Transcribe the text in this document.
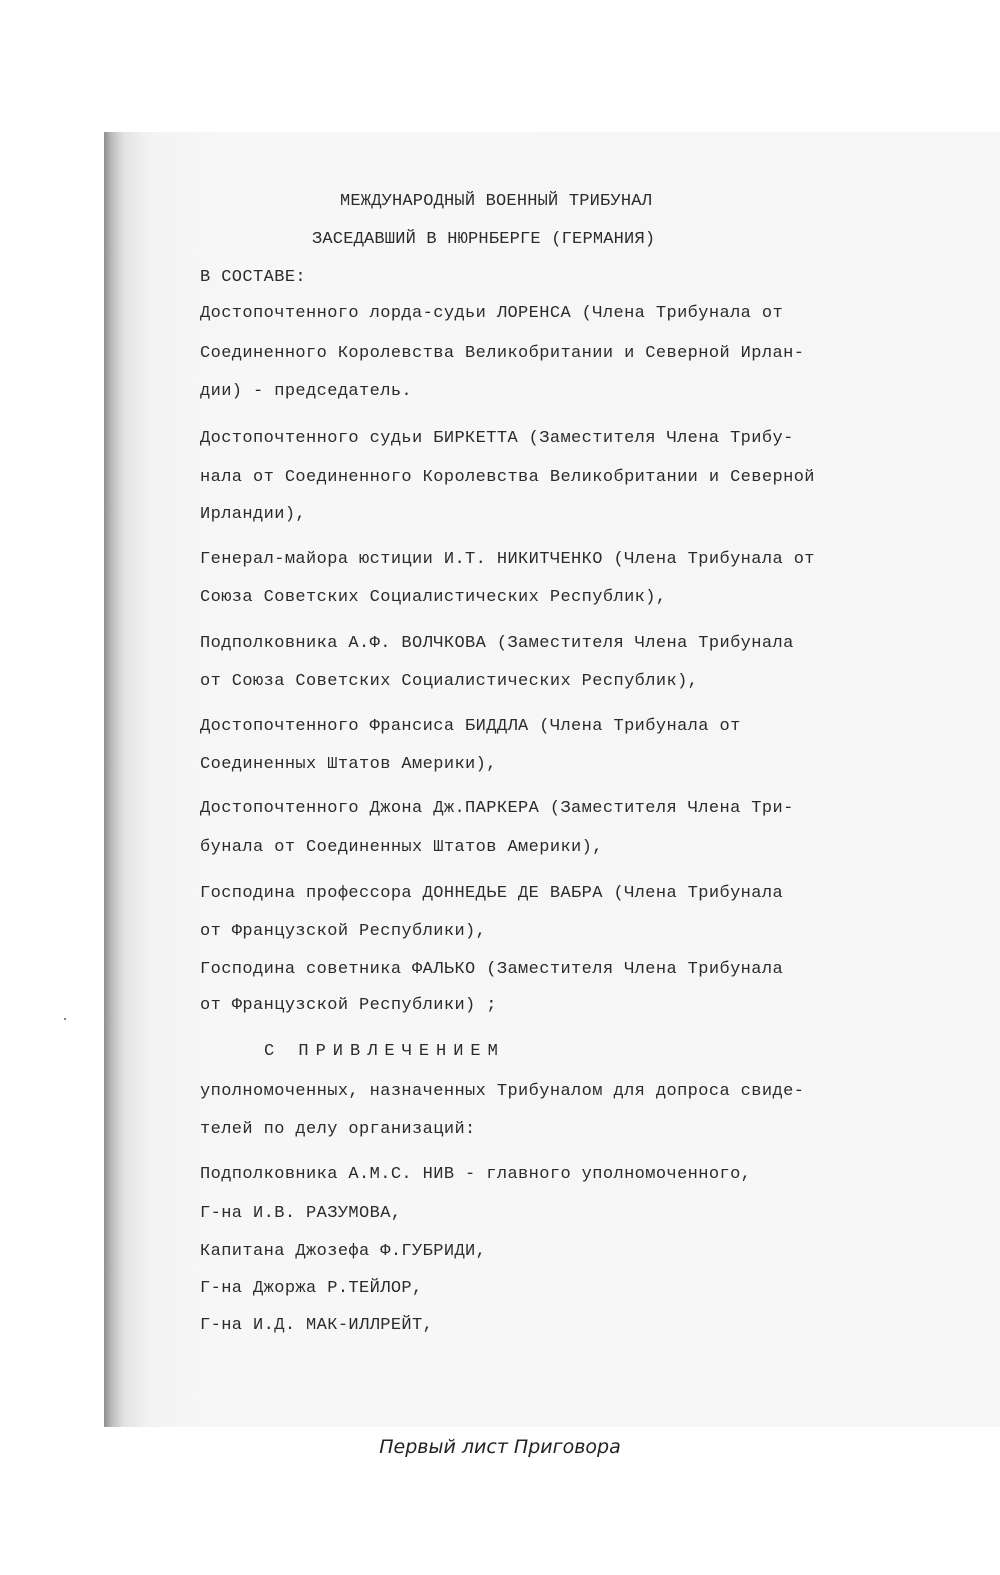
МЕЖДУНАРОДНЫЙ ВОЕННЫЙ ТРИБУНАЛ
ЗАСЕДАВШИЙ В НЮРНБЕРГЕ (ГЕРМАНИЯ)
В СОСТАВЕ:
Достопочтенного лорда-судьи ЛОРЕНСА (Члена Трибунала от
Соединенного Королевства Великобритании и Северной Ирлан-
дии) - председатель.
Достопочтенного судьи БИРКЕТТА (Заместителя Члена Трибу-
нала от Соединенного Королевства Великобритании и Северной
Ирландии),
Генерал-майора юстиции И.Т. НИКИТЧЕНКО (Члена Трибунала от
Союза Советских Социалистических Республик),
Подполковника А.Ф. ВОЛЧКОВА (Заместителя Члена Трибунала
от Союза Советских Социалистических Республик),
Достопочтенного Франсиса БИДДЛА (Члена Трибунала от
Соединенных Штатов Америки),
Достопочтенного Джона Дж.ПАРКЕРА (Заместителя Члена Три-
бунала от Соединенных Штатов Америки),
Господина профессора ДОННЕДЬЕ ДЕ ВАБРА (Члена Трибунала
от Французской Республики),
Господина советника ФАЛЬКО (Заместителя Члена Трибунала
от Французской Республики) ;
С ПРИВЛЕЧЕНИЕМ
уполномоченных, назначенных Трибуналом для допроса свиде-
телей по делу организаций:
Подполковника А.М.С. НИВ - главного уполномоченного,
Г-на И.В. РАЗУМОВА,
Капитана Джозефа Ф.ГУБРИДИ,
Г-на Джоржа Р.ТЕЙЛОР,
Г-на И.Д. МАК-ИЛЛРЕЙТ,
Первый лист Приговора
